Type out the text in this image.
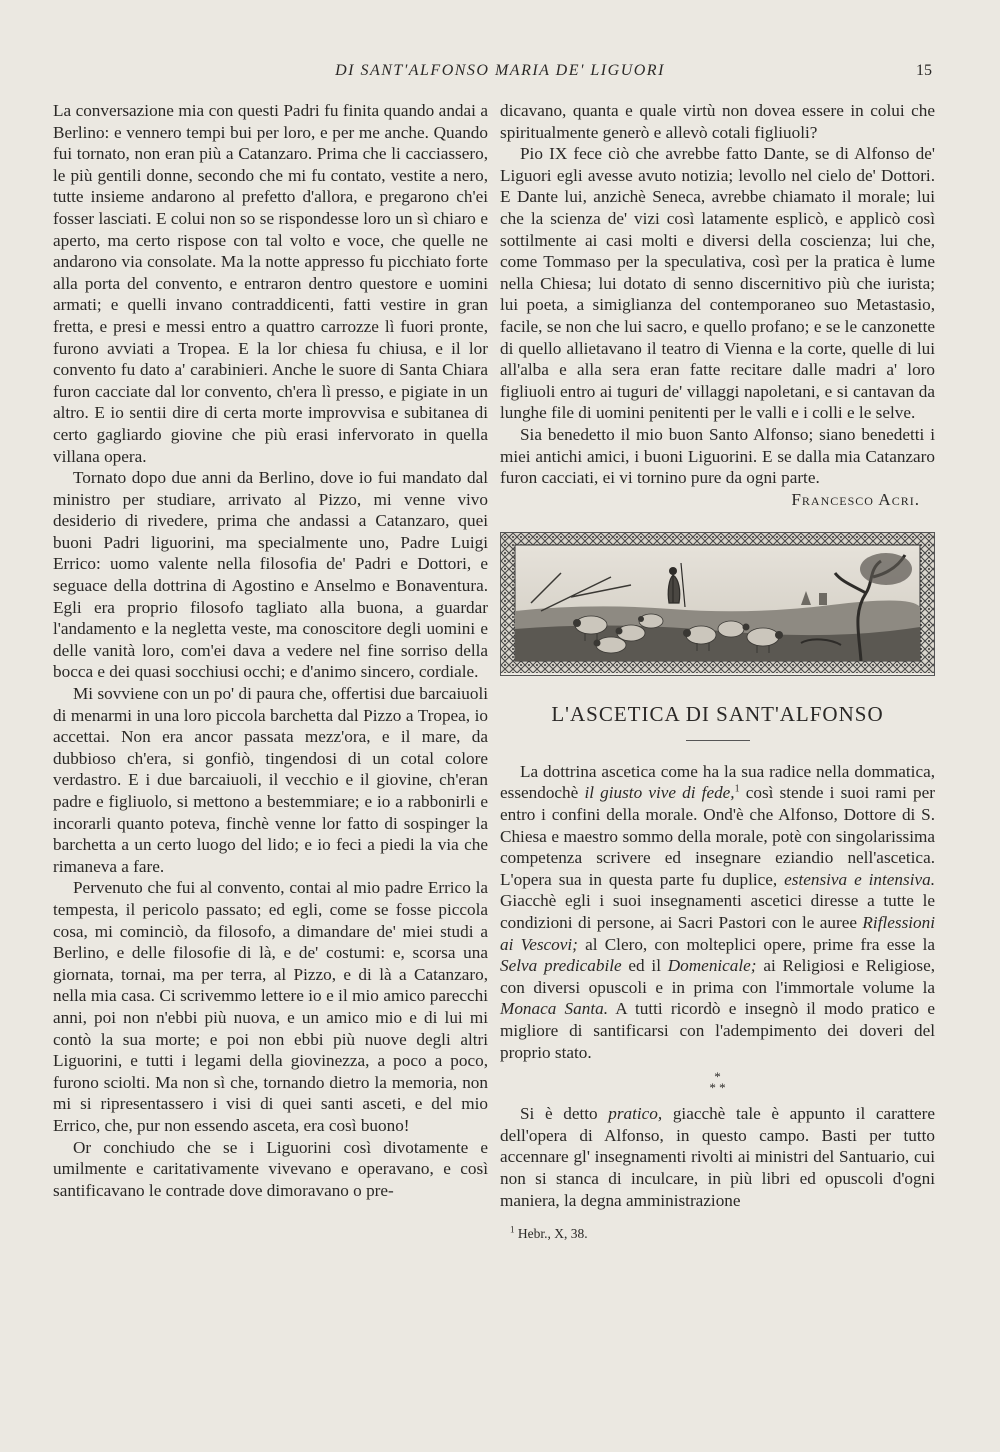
DI SANT'ALFONSO MARIA DE' LIGUORI	15

La conversazione mia con questi Padri fu finita quando andai a Berlino: e vennero tempi bui per loro, e per me anche. Quando fui tornato, non eran più a Catanzaro. Prima che li cacciassero, le più gentili donne, secondo che mi fu contato, vestite a nero, tutte insieme andarono al prefetto d'allora, e pregarono ch'ei fosser lasciati. E colui non so se rispondesse loro un sì chiaro e aperto, ma certo rispose con tal volto e voce, che quelle ne andarono via consolate. Ma la notte appresso fu picchiato forte alla porta del convento, e entraron dentro questore e uomini armati; e quelli invano contraddicenti, fatti vestire in gran fretta, e presi e messi entro a quattro carrozze lì fuori pronte, furono avviati a Tropea. E la lor chiesa fu chiusa, e il lor convento fu dato a' carabinieri. Anche le suore di Santa Chiara furon cacciate dal lor convento, ch'era lì presso, e pigiate in un altro. E io sentii dire di certa morte improvvisa e subitanea di certo gagliardo giovine che più erasi infervorato in quella villana opera.

Tornato dopo due anni da Berlino, dove io fui mandato dal ministro per studiare, arrivato al Pizzo, mi venne vivo desiderio di rivedere, prima che andassi a Catanzaro, quei buoni Padri liguorini, ma specialmente uno, Padre Luigi Errico: uomo valente nella filosofia de' Padri e Dottori, e seguace della dottrina di Agostino e Anselmo e Bonaventura. Egli era proprio filosofo tagliato alla buona, a guardar l'andamento e la negletta veste, ma conoscitore degli uomini e delle vanità loro, com'ei dava a vedere nel fine sorriso della bocca e dei quasi socchiusi occhi; e d'animo sincero, cordiale.

Mi sovviene con un po' di paura che, offertisi due barcaiuoli di menarmi in una loro piccola barchetta dal Pizzo a Tropea, io accettai. Non era ancor passata mezz'ora, e il mare, da dubbioso ch'era, si gonfiò, tingendosi di un cotal colore verdastro. E i due barcaiuoli, il vecchio e il giovine, ch'eran padre e figliuolo, si mettono a bestemmiare; e io a rabbonirli e incorarli quanto poteva, finchè venne lor fatto di sospinger la barchetta a un certo luogo del lido; e io feci a piedi la via che rimaneva a fare.

Pervenuto che fui al convento, contai al mio padre Errico la tempesta, il pericolo passato; ed egli, come se fosse piccola cosa, mi cominciò, da filosofo, a dimandare de' miei studi a Berlino, e delle filosofie di là, e de' costumi: e, scorsa una giornata, tornai, ma per terra, al Pizzo, e di là a Catanzaro, nella mia casa. Ci scrivemmo lettere io e il mio amico parecchi anni, poi non n'ebbi più nuova, e un amico mio e di lui mi contò la sua morte; e poi non ebbi più nuove degli altri Liguorini, e tutti i legami della giovinezza, a poco a poco, furono sciolti. Ma non sì che, tornando dietro la memoria, non mi si ripresentassero i visi di quei santi asceti, e del mio Errico, che, pur non essendo asceta, era così buono!

Or conchiudo che se i Liguorini così divotamente e umilmente e caritativamente vivevano e operavano, e così santificavano le contrade dove dimoravano o pre-

dicavano, quanta e quale virtù non dovea essere in colui che spiritualmente generò e allevò cotali figliuoli?

Pio IX fece ciò che avrebbe fatto Dante, se di Alfonso de' Liguori egli avesse avuto notizia; levollo nel cielo de' Dottori. E Dante lui, anzichè Seneca, avrebbe chiamato il morale; lui che la scienza de' vizi così latamente esplicò, e applicò così sottilmente ai casi molti e diversi della coscienza; lui che, come Tommaso per la speculativa, così per la pratica è lume nella Chiesa; lui dotato di senno discernitivo più che iurista; lui poeta, a simiglianza del contemporaneo suo Metastasio, facile, se non che lui sacro, e quello profano; e se le canzonette di quello allietavano il teatro di Vienna e la corte, quelle di lui all'alba e alla sera eran fatte recitare dalle madri a' loro figliuoli entro ai tuguri de' villaggi napoletani, e si cantavan da lunghe file di uomini penitenti per le valli e i colli e le selve.

Sia benedetto il mio buon Santo Alfonso; siano benedetti i miei antichi amici, i buoni Liguorini. E se dalla mia Catanzaro furon cacciati, ei vi tornino pure da ogni parte.

Francesco Acri.
L'ASCETICA DI SANT'ALFONSO

La dottrina ascetica come ha la sua radice nella dommatica, essendochè il giusto vive di fede,$^1$ così stende i suoi rami per entro i confini della morale. Ond'è che Alfonso, Dottore di S. Chiesa e maestro sommo della morale, potè con singolarissima competenza scrivere ed insegnare eziandio nell'ascetica. L'opera sua in questa parte fu duplice, estensiva e intensiva. Giacchè egli i suoi insegnamenti ascetici diresse a tutte le condizioni di persone, ai Sacri Pastori con le auree Riflessioni ai Vescovi; al Clero, con molteplici opere, prime fra esse la Selva predicabile ed il Domenicale; ai Religiosi e Religiose, con diversi opuscoli e in prima con l'immortale volume la Monaca Santa. A tutti ricordò e insegnò il modo pratico e migliore di santificarsi con l'adempimento dei doveri del proprio stato.

*
* *

Si è detto pratico, giacchè tale è appunto il carattere dell'opera di Alfonso, in questo campo. Basti per tutto accennare gl' insegnamenti rivolti ai ministri del Santuario, cui non si stanca di inculcare, in più libri ed opuscoli d'ogni maniera, la degna amministrazione

$^1$ Hebr., X, 38.
